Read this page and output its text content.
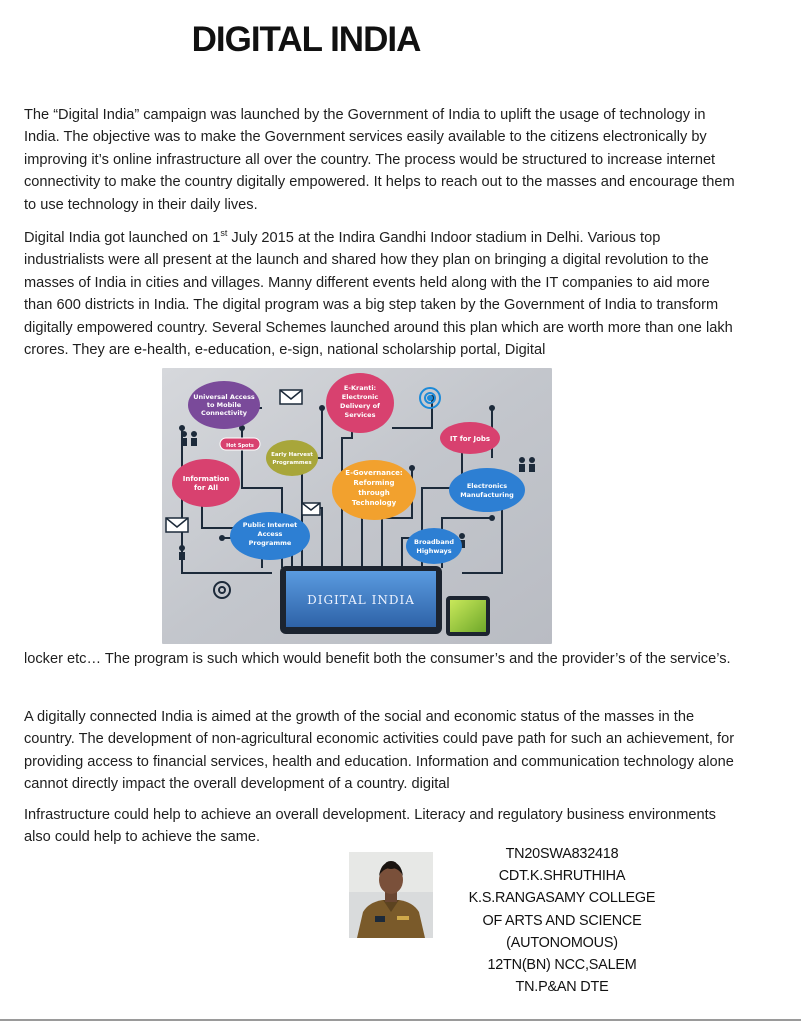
DIGITAL INDIA

The “Digital India” campaign was launched by the Government of India to uplift the usage of technology in India. The objective was to make the Government services easily available to the citizens electronically by improving it’s online infrastructure all over the country. The process would be structured to increase internet connectivity to make the country digitally empowered. It helps to reach out to the masses and encourage them to use technology in their daily lives.

Digital India got launched on 1st July 2015 at the Indira Gandhi Indoor stadium in Delhi. Various top industrialists were all present at the launch and shared how they plan on bringing a digital revolution to the masses of India in cities and villages. Manny different events held along with the IT companies to aid more than 600 districts in India. The digital program was a big step taken by the Government of India to transform digitally empowered country. Several Schemes launched around this plan which are worth more than one lakh crores. They are e-health, e-education, e-sign, national scholarship portal, Digital

Universal Access
to Mobile
Connectivity
E-Kranti:
Electronic
Delivery of
Services
IT for Jobs
Hot Spots
Early Harvest
Programmes
Information
for All
E-Governance:
Reforming
through
Technology
Electronics
Manufacturing
Public Internet
Access
Programme	Broadband
Highways
DIGITAL INDIA

locker etc… The program is such which would benefit both the consumer’s and the provider’s of the service’s.

A digitally connected India is aimed at the growth of the social and economic status of the masses in the country. The development of non-agricultural economic activities could pave path for such an achievement, for providing access to financial services, health and education. Information and communication technology alone cannot directly impact the overall development of a country. digital

Infrastructure could help to achieve an overall development. Literacy and regulatory business environments also could help to achieve the same.

TN20SWA832418
CDT.K.SHRUTHIHA
K.S.RANGASAMY COLLEGE
OF ARTS AND SCIENCE
(AUTONOMOUS)
12TN(BN) NCC,SALEM
TN.P&AN DTE
